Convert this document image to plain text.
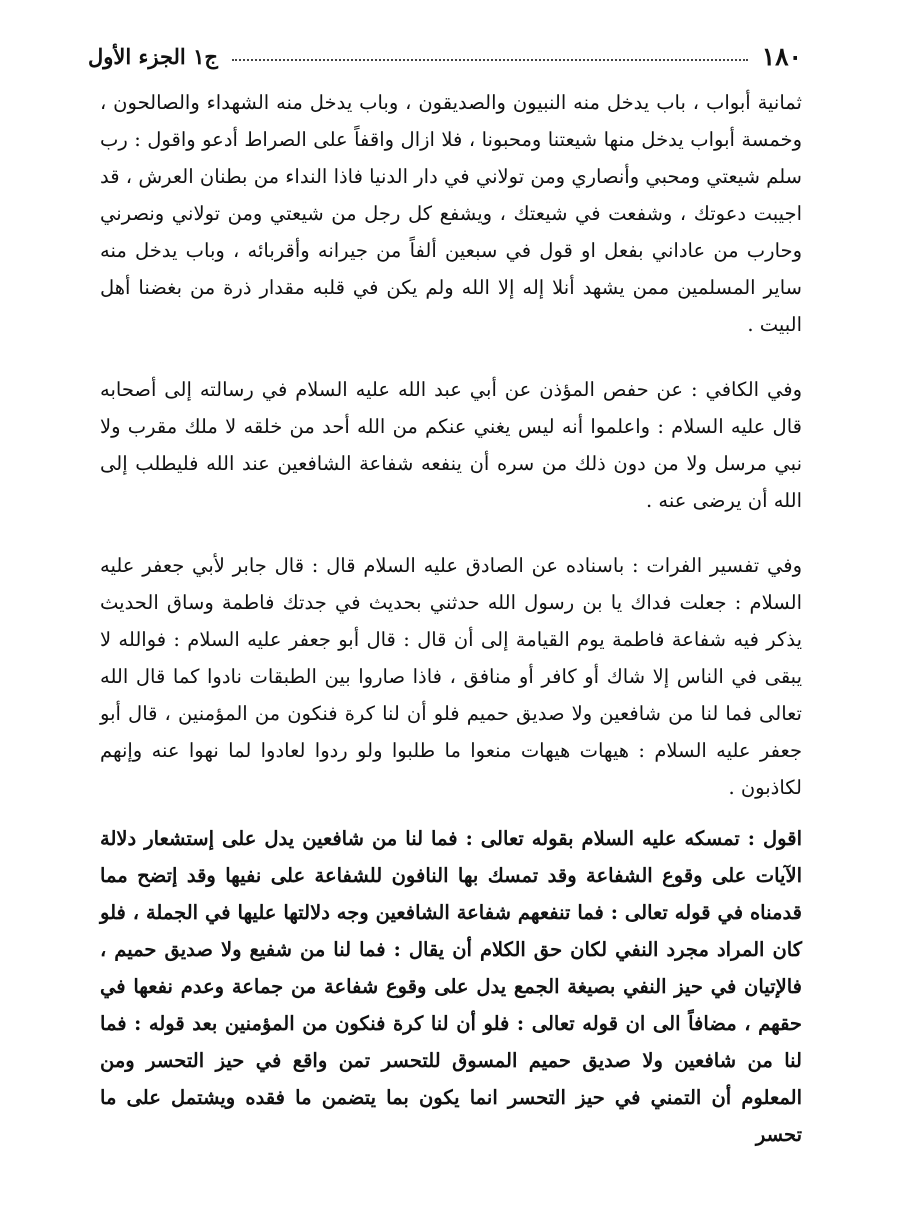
١٨٠
ج١ الجزء الأول

ثمانية أبواب ، باب يدخل منه النبيون والصديقون ، وباب يدخل منه الشهداء والصالحون ، وخمسة أبواب يدخل منها شيعتنا ومحبونا ، فلا ازال واقفاً على الصراط أدعو واقول : رب سلم شيعتي ومحبي وأنصاري ومن تولاني في دار الدنيا فاذا النداء من بطنان العرش ، قد اجيبت دعوتك ، وشفعت في شيعتك ، ويشفع كل رجل من شيعتي ومن تولاني ونصرني وحارب من عاداني بفعل او قول في سبعين ألفاً من جيرانه وأقربائه ، وباب يدخل منه ساير المسلمين ممن يشهد أنلا إله إلا الله ولم يكن في قلبه مقدار ذرة من بغضنا أهل البيت .

وفي الكافي : عن حفص المؤذن عن أبي عبد الله عليه السلام في رسالته إلى أصحابه قال عليه السلام : واعلموا أنه ليس يغني عنكم من الله أحد من خلقه لا ملك مقرب ولا نبي مرسل ولا من دون ذلك من سره أن ينفعه شفاعة الشافعين عند الله فليطلب إلى الله أن يرضى عنه .

وفي تفسير الفرات : باسناده عن الصادق عليه السلام قال : قال جابر لأبي جعفر عليه السلام : جعلت فداك يا بن رسول الله حدثني بحديث في جدتك فاطمة وساق الحديث يذكر فيه شفاعة فاطمة يوم القيامة إلى أن قال : قال أبو جعفر عليه السلام : فوالله لا يبقى في الناس إلا شاك أو كافر أو منافق ، فاذا صاروا بين الطبقات نادوا كما قال الله تعالى فما لنا من شافعين ولا صديق حميم فلو أن لنا كرة فنكون من المؤمنين ، قال أبو جعفر عليه السلام : هيهات هيهات منعوا ما طلبوا ولو ردوا لعادوا لما نهوا عنه وإنهم لكاذبون .

اقول : تمسكه عليه السلام بقوله تعالى : فما لنا من شافعين يدل على إستشعار دلالة الآيات على وقوع الشفاعة وقد تمسك بها النافون للشفاعة على نفيها وقد إتضح مما قدمناه في قوله تعالى : فما تنفعهم شفاعة الشافعين وجه دلالتها عليها في الجملة ، فلو كان المراد مجرد النفي لكان حق الكلام أن يقال : فما لنا من شفيع ولا صديق حميم ، فالإتيان في حيز النفي بصيغة الجمع يدل على وقوع شفاعة من جماعة وعدم نفعها في حقهم ، مضافاً الى ان قوله تعالى : فلو أن لنا كرة فنكون من المؤمنين بعد قوله : فما لنا من شافعين ولا صديق حميم المسوق للتحسر تمن واقع في حيز التحسر ومن المعلوم أن التمني في حيز التحسر انما يكون بما يتضمن ما فقده ويشتمل على ما تحسر
